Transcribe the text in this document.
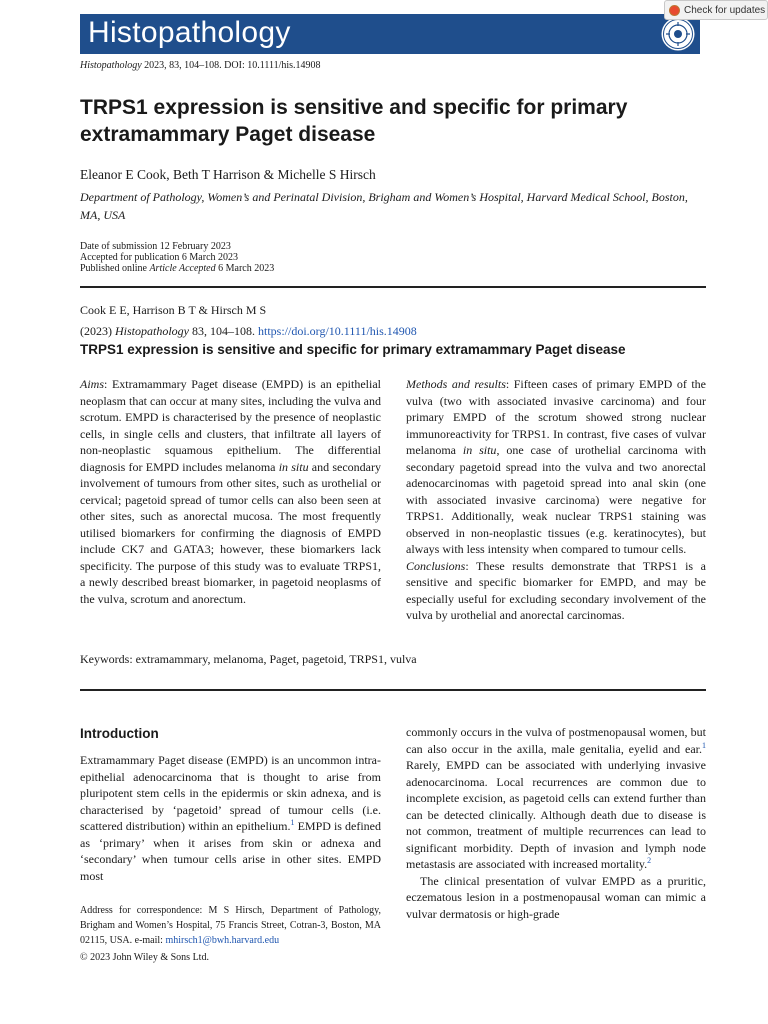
Histopathology
Check for updates
Histopathology 2023, 83, 104–108. DOI: 10.1111/his.14908
TRPS1 expression is sensitive and specific for primary extramammary Paget disease
Eleanor E Cook, Beth T Harrison & Michelle S Hirsch
Department of Pathology, Women’s and Perinatal Division, Brigham and Women’s Hospital, Harvard Medical School, Boston, MA, USA
Date of submission 12 February 2023
Accepted for publication 6 March 2023
Published online Article Accepted 6 March 2023
Cook E E, Harrison B T & Hirsch M S
(2023) Histopathology 83, 104–108. https://doi.org/10.1111/his.14908
TRPS1 expression is sensitive and specific for primary extramammary Paget disease

Aims: Extramammary Paget disease (EMPD) is an epithelial neoplasm that can occur at many sites, including the vulva and scrotum. EMPD is characterised by the presence of neoplastic cells, in single cells and clusters, that infiltrate all layers of non-neoplastic squamous epithelium. The differential diagnosis for EMPD includes melanoma in situ and secondary involvement of tumours from other sites, such as urothelial or cervical; pagetoid spread of tumor cells can also been seen at other sites, such as anorectal mucosa. The most frequently utilised biomarkers for confirming the diagnosis of EMPD include CK7 and GATA3; however, these biomarkers lack specificity. The purpose of this study was to evaluate TRPS1, a newly described breast biomarker, in pagetoid neoplasms of the vulva, scrotum and anorectum.

Methods and results: Fifteen cases of primary EMPD of the vulva (two with associated invasive carcinoma) and four primary EMPD of the scrotum showed strong nuclear immunoreactivity for TRPS1. In contrast, five cases of vulvar melanoma in situ, one case of urothelial carcinoma with secondary pagetoid spread into the vulva and two anorectal adenocarcinomas with pagetoid spread into anal skin (one with associated invasive carcinoma) were negative for TRPS1. Additionally, weak nuclear TRPS1 staining was observed in non-neoplastic tissues (e.g. keratinocytes), but always with less intensity when compared to tumour cells.

Conclusions: These results demonstrate that TRPS1 is a sensitive and specific biomarker for EMPD, and may be especially useful for excluding secondary involvement of the vulva by urothelial and anorectal carcinomas.

Keywords: extramammary, melanoma, Paget, pagetoid, TRPS1, vulva
Introduction

Extramammary Paget disease (EMPD) is an uncommon intra-epithelial adenocarcinoma that is thought to arise from pluripotent stem cells in the epidermis or skin adnexa, and is characterised by ‘pagetoid’ spread of tumour cells (i.e. scattered distribution) within an epithelium.$^1$ EMPD is defined as ‘primary’ when it arises from skin or adnexa and ‘secondary’ when tumour cells arise in other sites. EMPD most

commonly occurs in the vulva of postmenopausal women, but can also occur in the axilla, male genitalia, eyelid and ear.$^1$ Rarely, EMPD can be associated with underlying invasive adenocarcinoma. Local recurrences are common due to incomplete excision, as pagetoid cells can extend further than can be detected clinically. Although death due to disease is not common, treatment of multiple recurrences can lead to significant morbidity. Depth of invasion and lymph node metastasis are associated with increased mortality.$^2$

The clinical presentation of vulvar EMPD as a pruritic, eczematous lesion in a postmenopausal woman can mimic a vulvar dermatosis or high-grade

Address for correspondence: M S Hirsch, Department of Pathology, Brigham and Women’s Hospital, 75 Francis Street, Cotran-3, Boston, MA 02115, USA. e-mail: mhirsch1@bwh.harvard.edu
© 2023 John Wiley & Sons Ltd.
